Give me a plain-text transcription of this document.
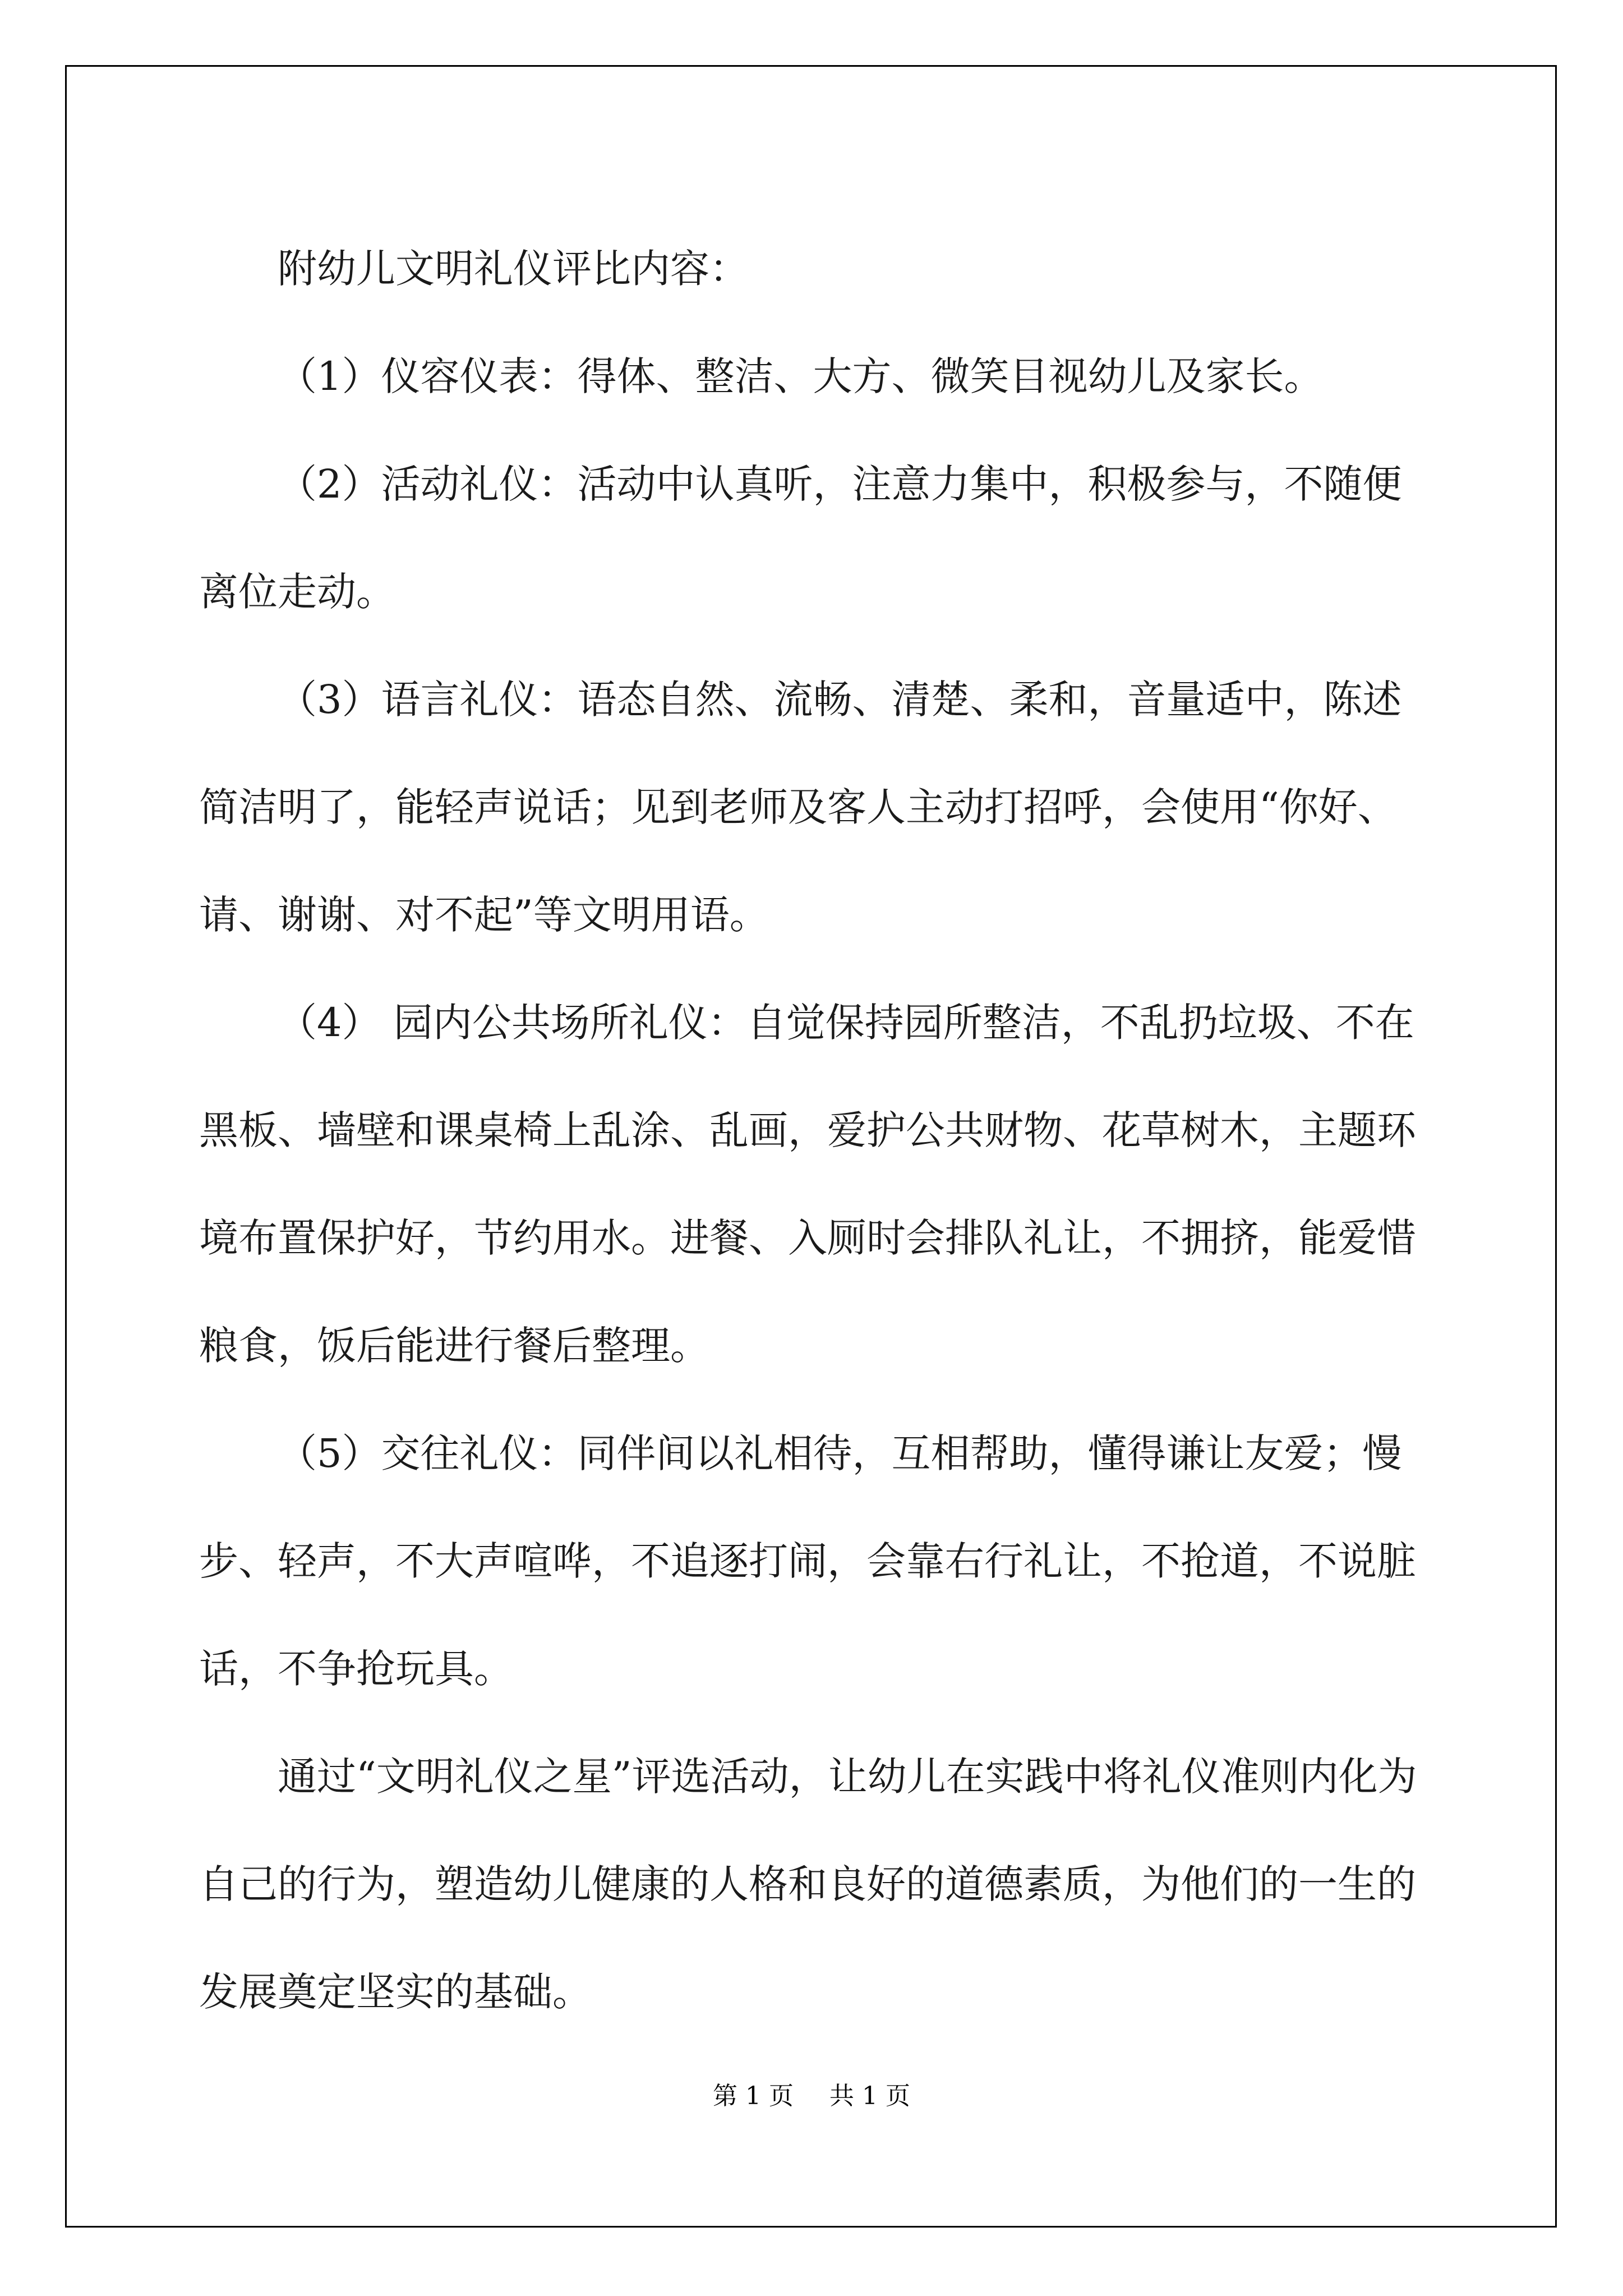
附幼儿文明礼仪评比内容：

（1）仪容仪表：得体、整洁、大方、微笑目视幼儿及家长。

（2）活动礼仪：活动中认真听，注意力集中，积极参与，不随便离位走动。

（3）语言礼仪：语态自然、流畅、清楚、柔和，音量适中，陈述简洁明了，能轻声说话；见到老师及客人主动打招呼，会使用“你好、请、谢谢、对不起”等文明用语。

（4） 园内公共场所礼仪：自觉保持园所整洁，不乱扔垃圾、不在黑板、墙壁和课桌椅上乱涂、乱画，爱护公共财物、花草树木，主题环境布置保护好，节约用水。进餐、入厕时会排队礼让，不拥挤，能爱惜粮食，饭后能进行餐后整理。

（5）交往礼仪：同伴间以礼相待，互相帮助，懂得谦让友爱；慢步、轻声，不大声喧哗，不追逐打闹，会靠右行礼让，不抢道，不说脏话，不争抢玩具。

通过“文明礼仪之星”评选活动，让幼儿在实践中将礼仪准则内化为自己的行为，塑造幼儿健康的人格和良好的道德素质，为他们的一生的发展奠定坚实的基础。

第 1 页 共 1 页
